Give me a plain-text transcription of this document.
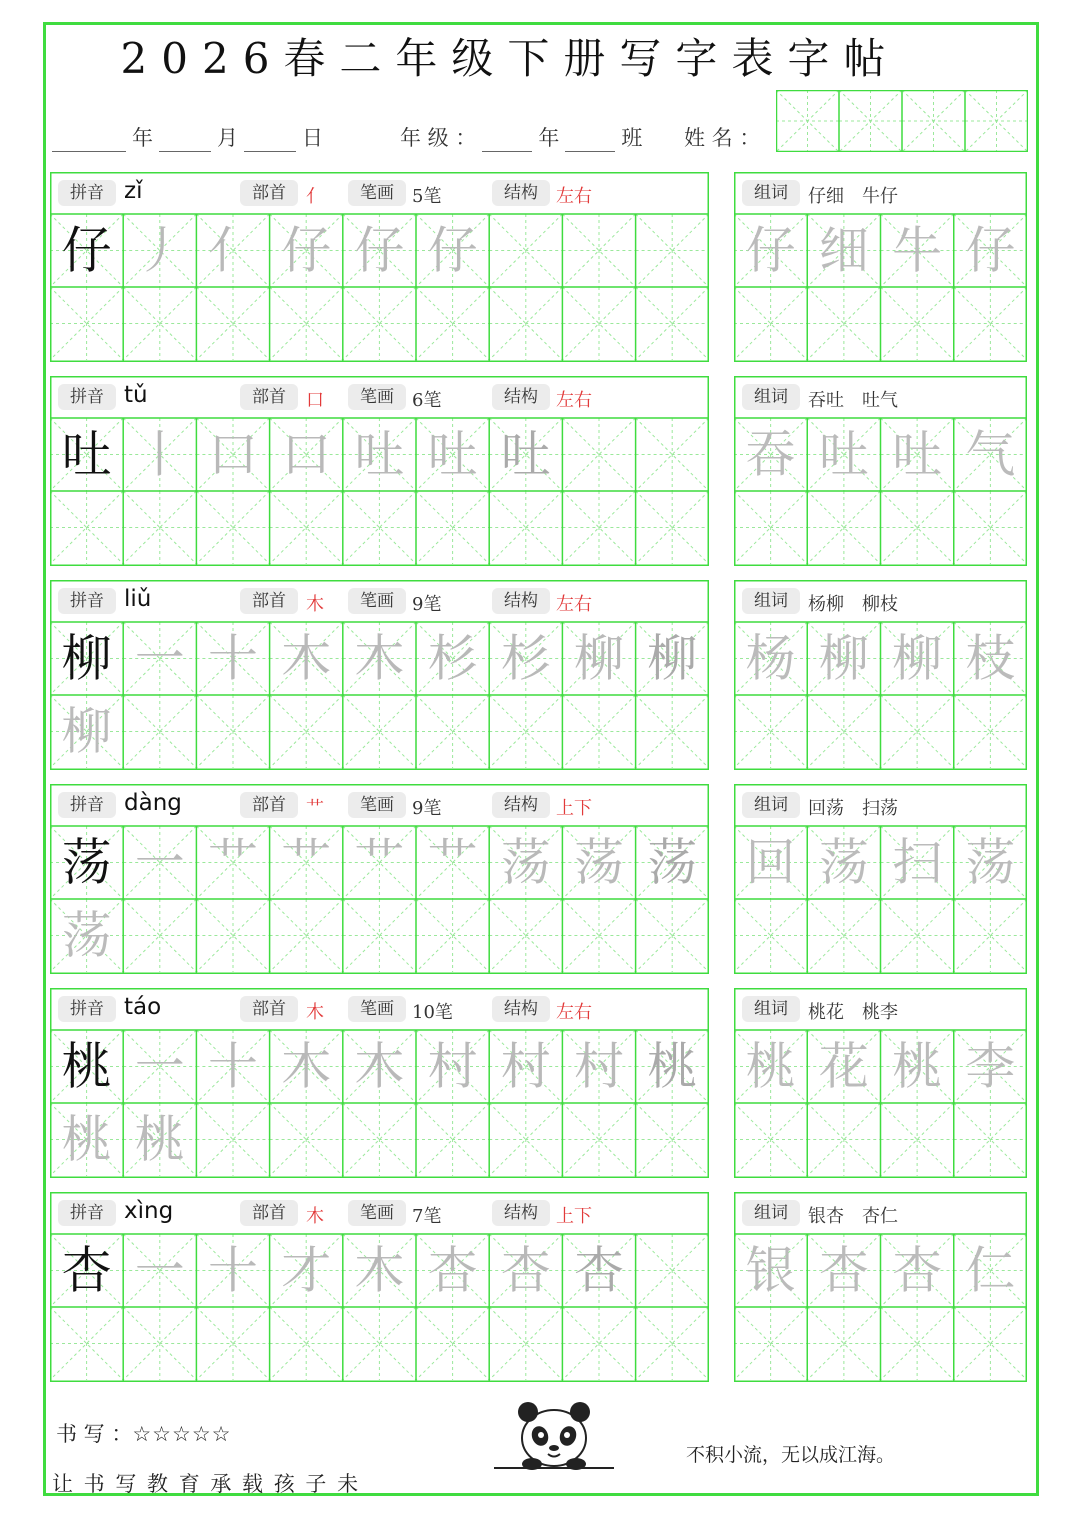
2026春二年级下册写字表字帖
年	月	日	年 级 ：	年	班 姓 名 ：
仔 丿 亻 仔 仔 仔
拼音 zǐ	部首	亻	笔画	5笔	结构	左右
仔 细 牛 仔
组词	仔细　牛仔
吐 丨 口 口 吐 吐 吐
拼音 tǔ	部首	口	笔画	6笔	结构	左右
吞 吐 吐 气
组词	吞吐　吐气
柳 一 十 木 木 杉 杉 柳 柳
柳
拼音 liǔ	部首	木	笔画	9笔	结构	左右
杨 柳 柳 枝
组词	杨柳　柳枝
荡 一 艹 艹 艹 艹 荡 荡 荡
荡
拼音 dàng	部首	艹	笔画	9笔	结构	上下
回 荡 扫 荡
组词	回荡　扫荡
桃 一 十 木 木 村 村 村 桃
桃 桃
拼音 táo	部首	木	笔画	10笔	结构	左右
桃 花 桃 李
组词	桃花　桃李
杏 一 十 才 木 杏 杏 杏
拼音 xìng	部首	木	笔画	7笔	结构	上下
银 杏 杏 仁
组词	银杏　杏仁
书 写 ：☆☆☆☆☆
让 书 写 教 育 承 载 孩 子 未
不积小流，无以成江海。
